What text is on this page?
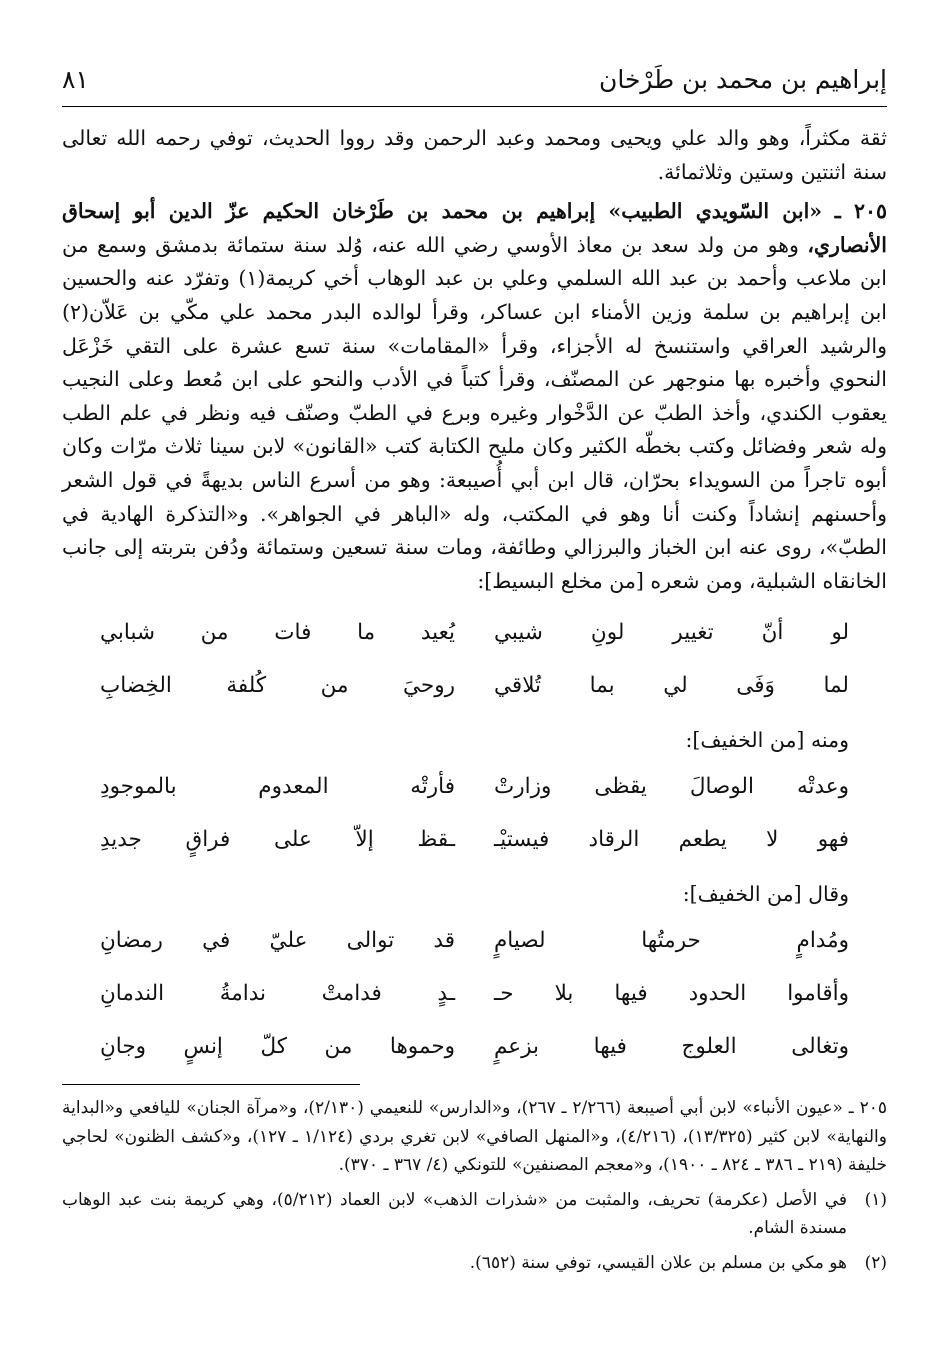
إبراهيم بن محمد بن طَرْخان
٨١

ثقة مكثراً، وهو والد علي ويحيى ومحمد وعبد الرحمن وقد رووا الحديث، توفي رحمه الله تعالى سنة اثنتين وستين وثلاثمائة.

٢٠٥ ـ «ابن السّويدي الطبيب» إبراهيم بن محمد بن طَرْخان الحكيم عزّ الدين أبو إسحاق الأنصاري، وهو من ولد سعد بن معاذ الأوسي رضي الله عنه، وُلد سنة ستمائة بدمشق وسمع من ابن ملاعب وأحمد بن عبد الله السلمي وعلي بن عبد الوهاب أخي كريمة(١) وتفرّد عنه والحسين ابن إبراهيم بن سلمة وزين الأمناء ابن عساكر، وقرأ لوالده البدر محمد علي مكّي بن عَلاّن(٢) والرشيد العراقي واستنسخ له الأجزاء، وقرأ «المقامات» سنة تسع عشرة على التقي خَزْعَل النحوي وأخبره بها منوجهر عن المصنّف، وقرأ كتباً في الأدب والنحو على ابن مُعط وعلى النجيب يعقوب الكندي، وأخذ الطبّ عن الدَّخْوار وغيره وبرع في الطبّ وصنّف فيه ونظر في علم الطب وله شعر وفضائل وكتب بخطّه الكثير وكان مليح الكتابة كتب «القانون» لابن سينا ثلاث مرّات وكان أبوه تاجراً من السويداء بحرّان، قال ابن أبي أُصيبعة: وهو من أسرع الناس بديهةً في قول الشعر وأحسنهم إنشاداً وكنت أنا وهو في المكتب، وله «الباهر في الجواهر». و«التذكرة الهادية في الطبّ»، روى عنه ابن الخباز والبرزالي وطائفة، ومات سنة تسعين وستمائة ودُفن بتربته إلى جانب الخانقاه الشبلية، ومن شعره [من مخلع البسيط]:

لو أنّ تغيير لونِ شيبي
يُعيد ما فات من شبابي
لما وَفَى لي بما تُلاقي
روحيَ من كُلفة الخِضابِ

ومنه [من الخفيف]:

وعدتْه الوصالَ يقظى وزارتْ
فأرتْه المعدوم بالموجودِ
فهو لا يطعم الرقاد فيستيْـ
ـقظ إلاّ على فراقٍ جديدِ

وقال [من الخفيف]:

ومُدامٍ حرمتُها لصيامٍ
قد توالى عليّ في رمضانِ
وأقاموا الحدود فيها بلا حـ
ـدٍ فدامتْ ندامةُ الندمانِ
وتغالى العلوج فيها بزعمٍ
وحموها من كلّ إنسٍ وجانِ

٢٠٥ ـ «عيون الأنباء» لابن أبي أصيبعة (٢/٢٦٦ ـ ٢٦٧)، و«الدارس» للنعيمي (٢/١٣٠)، و«مرآة الجنان» لليافعي و«البداية والنهاية» لابن كثير (١٣/٣٢٥)، (٤/٢١٦)، و«المنهل الصافي» لابن تغري بردي (١/١٢٤ ـ ١٢٧)، و«كشف الظنون» لحاجي خليفة (٢١٩ ـ ٣٨٦ ـ ٨٢٤ ـ ١٩٠٠)، و«معجم المصنفين» للتونكي (٤/ ٣٦٧ ـ ٣٧٠).

(١)
في الأصل (عكرمة) تحريف، والمثبت من «شذرات الذهب» لابن العماد (٥/٢١٢)، وهي كريمة بنت عبد الوهاب مسندة الشام.

(٢)
هو مكي بن مسلم بن علان القيسي، توفي سنة (٦٥٢).
